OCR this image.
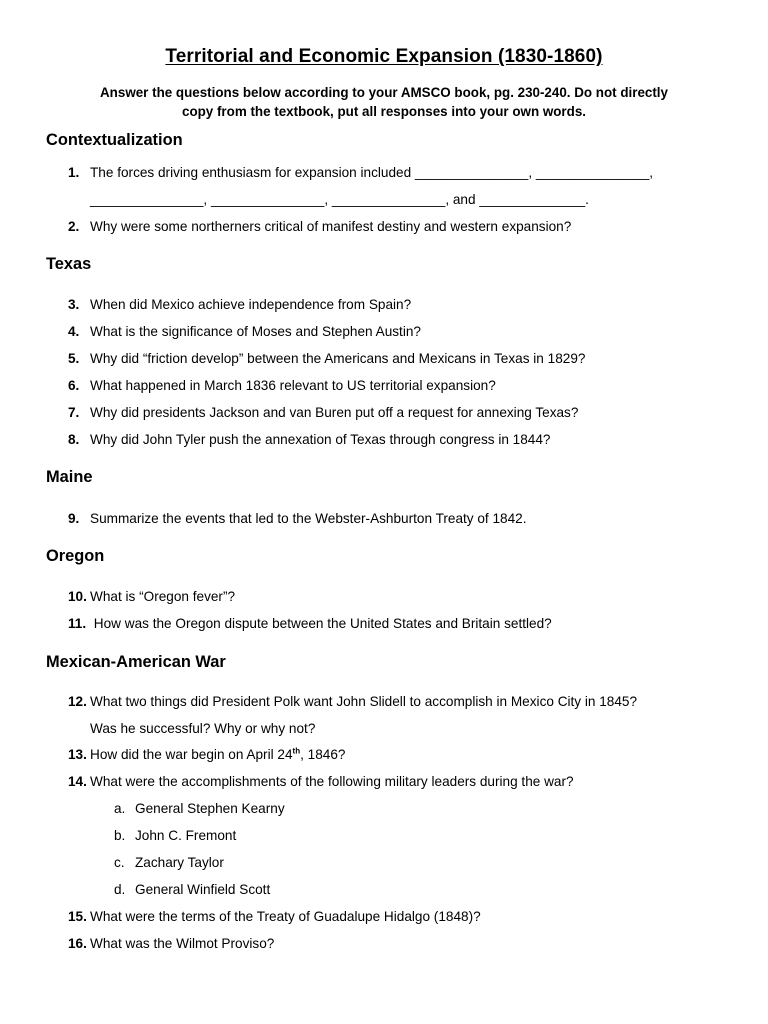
Territorial and Economic Expansion (1830-1860)
Answer the questions below according to your AMSCO book, pg. 230-240. Do not directly
copy from the textbook, put all responses into your own words.
Contextualization
1. The forces driving enthusiasm for expansion included _______________, _______________,
_______________, _______________, _______________, and ______________.
2. Why were some northerners critical of manifest destiny and western expansion?
Texas
3. When did Mexico achieve independence from Spain?
4. What is the significance of Moses and Stephen Austin?
5. Why did “friction develop” between the Americans and Mexicans in Texas in 1829?
6. What happened in March 1836 relevant to US territorial expansion?
7. Why did presidents Jackson and van Buren put off a request for annexing Texas?
8. Why did John Tyler push the annexation of Texas through congress in 1844?
Maine
9. Summarize the events that led to the Webster-Ashburton Treaty of 1842.
Oregon
10. What is “Oregon fever”?
11. How was the Oregon dispute between the United States and Britain settled?
Mexican-American War
12. What two things did President Polk want John Slidell to accomplish in Mexico City in 1845?
Was he successful? Why or why not?
13. How did the war begin on April 24th, 1846?
14. What were the accomplishments of the following military leaders during the war?
a. General Stephen Kearny
b. John C. Fremont
c. Zachary Taylor
d. General Winfield Scott
15. What were the terms of the Treaty of Guadalupe Hidalgo (1848)?
16. What was the Wilmot Proviso?
